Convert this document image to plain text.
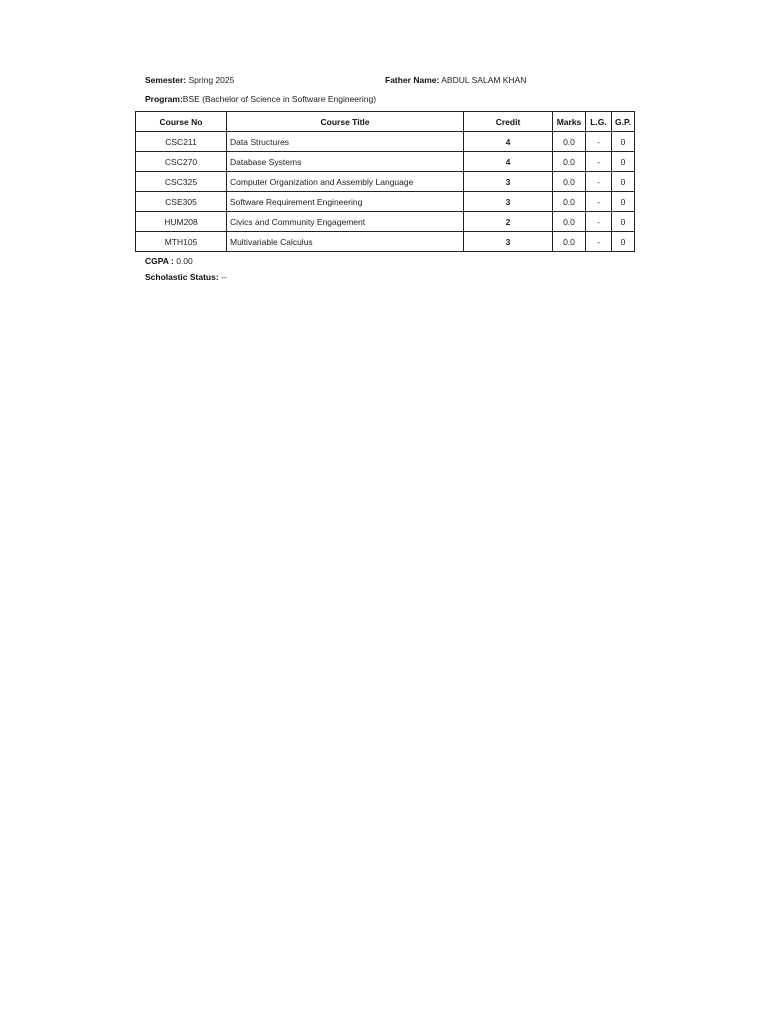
Semester: Spring 2025	Father Name: ABDUL SALAM KHAN
Program:BSE (Bachelor of Science in Software Engineering)
Course No	Course Title	Credit	Marks	L.G.	G.P.
CSC211	Data Structures	4	0.0	-	0
CSC270	Database Systems	4	0.0	-	0
CSC325	Computer Organization and Assembly Language	3	0.0	-	0
CSE305	Software Requirement Engineering	3	0.0	-	0
HUM208	Civics and Community Engagement	2	0.0	-	0
MTH105	Multivariable Calculus	3	0.0	-	0
CGPA : 0.00
Scholastic Status: --
